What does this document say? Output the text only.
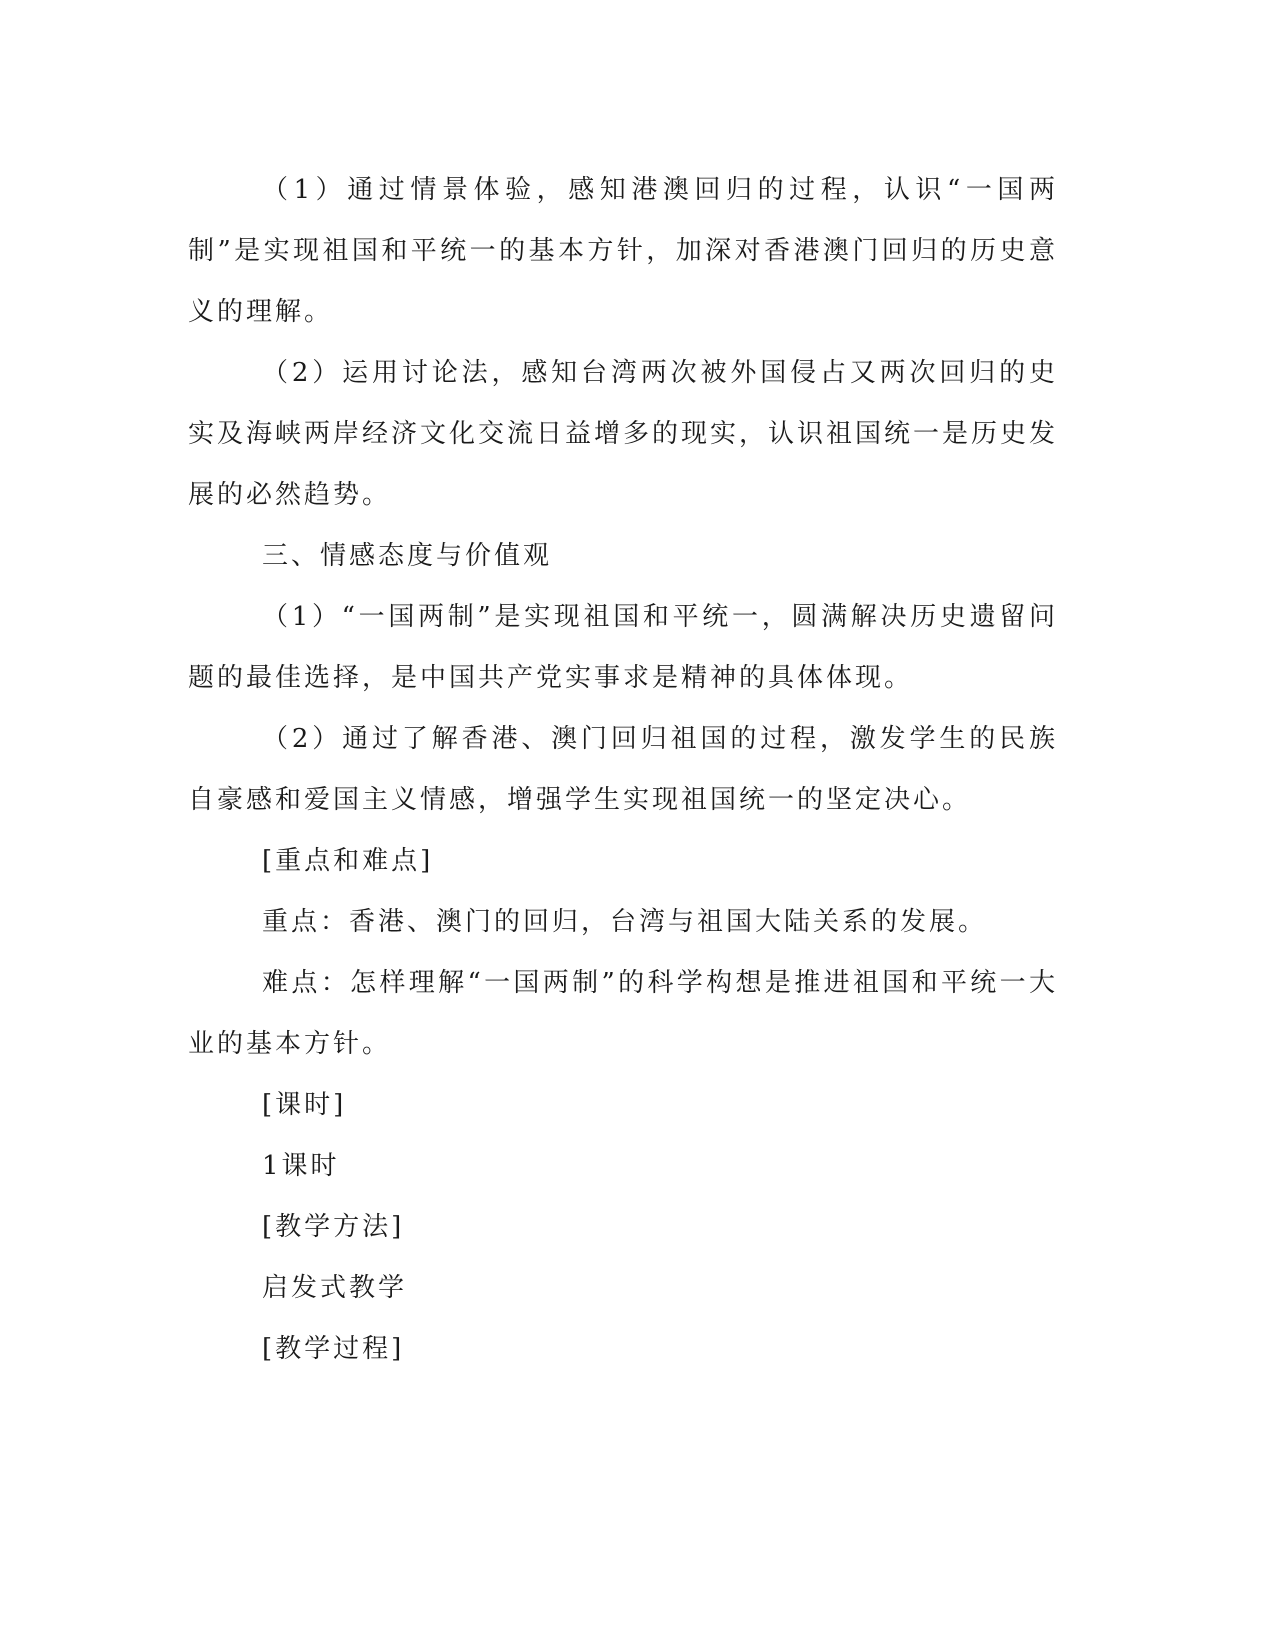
（1）通过情景体验，感知港澳回归的过程，认识“一国两制”是实现祖国和平统一的基本方针，加深对香港澳门回归的历史意义的理解。

（2）运用讨论法，感知台湾两次被外国侵占又两次回归的史实及海峡两岸经济文化交流日益增多的现实，认识祖国统一是历史发展的必然趋势。

三、情感态度与价值观

（1）“一国两制”是实现祖国和平统一，圆满解决历史遗留问题的最佳选择，是中国共产党实事求是精神的具体体现。

（2）通过了解香港、澳门回归祖国的过程，激发学生的民族自豪感和爱国主义情感，增强学生实现祖国统一的坚定决心。

[重点和难点]

重点：香港、澳门的回归，台湾与祖国大陆关系的发展。

难点：怎样理解“一国两制”的科学构想是推进祖国和平统一大业的基本方针。

[课时]

1课时

[教学方法]

启发式教学

[教学过程]
